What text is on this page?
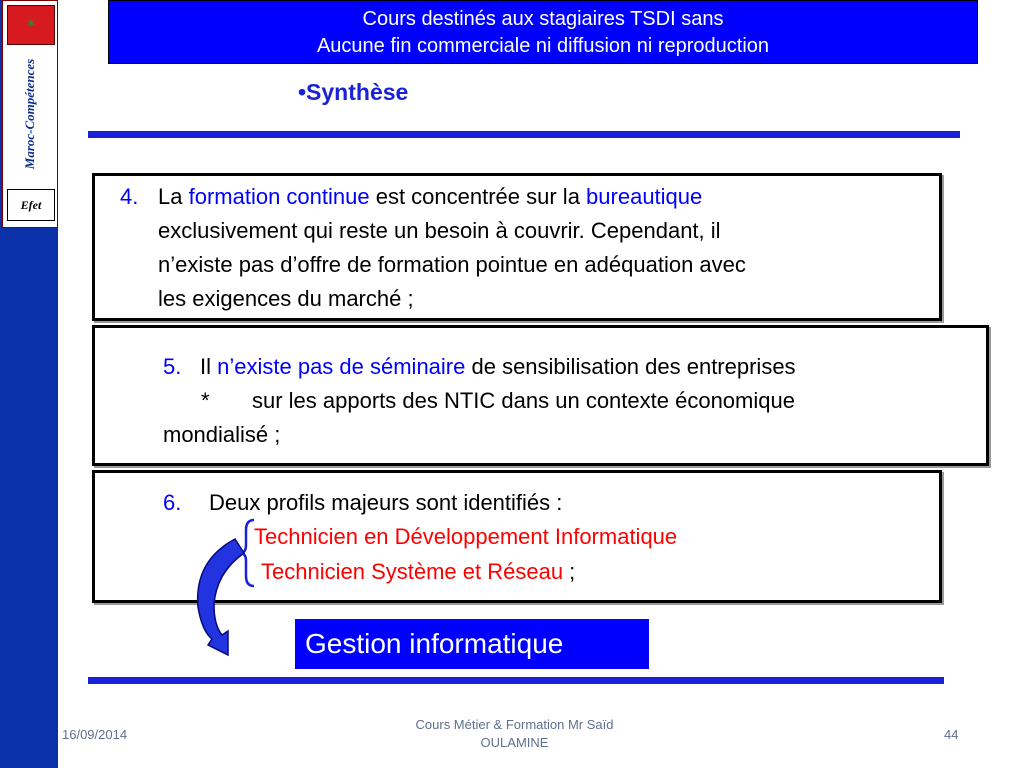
✶
Maroc-Compétences
Efet
Cours destinés aux stagiaires TSDI sans
Aucune fin commerciale ni diffusion ni reproduction
•Synthèse
4. La formation continue est concentrée sur la bureautique
exclusivement qui reste un besoin à couvrir. Cependant, il
n’existe pas d’offre de formation pointue en adéquation avec
les exigences du marché ;
5. Il n’existe pas de séminaire de sensibilisation des entreprises
* sur les apports des NTIC dans un contexte économique
mondialisé ;
6. Deux profils majeurs sont identifiés :
Technicien en Développement Informatique
Technicien Système et Réseau ;
Gestion informatique
16/09/2014
Cours Métier & Formation Mr Saïd
OULAMINE
44
